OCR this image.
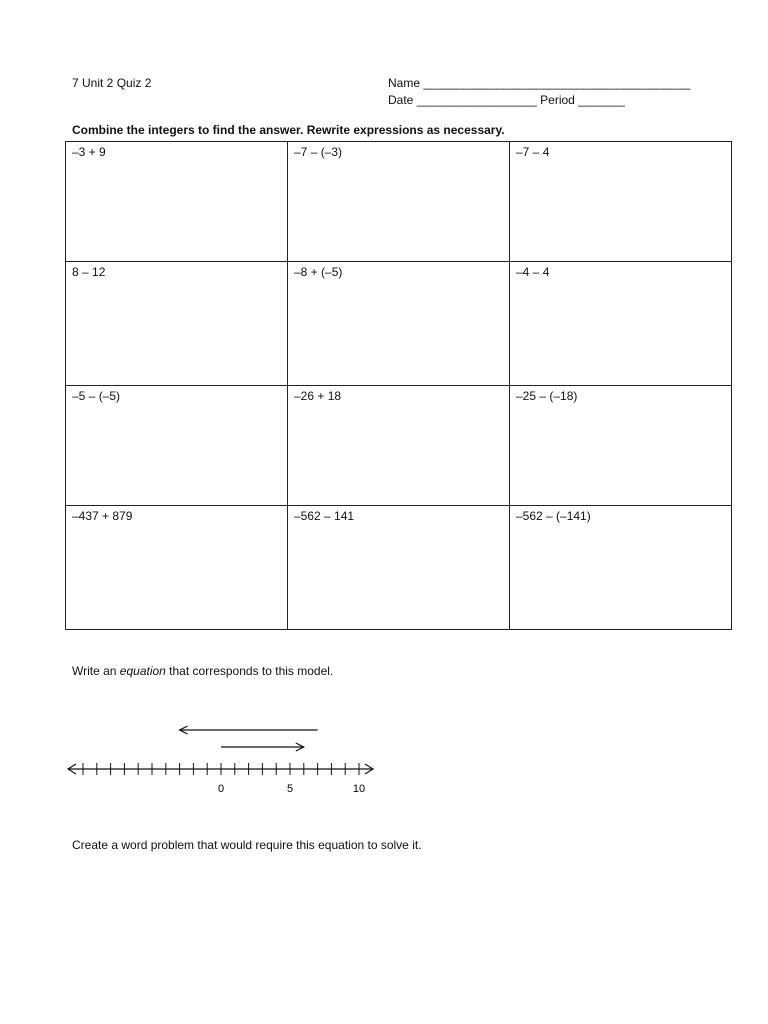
7 Unit 2 Quiz 2	Name ________________________________________
Date __________________ Period _______
Combine the integers to find the answer. Rewrite expressions as necessary.
–3 + 9	–7 – (–3)	–7 – 4
8 – 12	–8 + (–5)	–4 – 4
–5 – (–5)	–26 + 18	–25 – (–18)
–437 + 879	–562 – 141	–562 – (–141)
Write an equation that corresponds to this model.
0	5	10
Create a word problem that would require this equation to solve it.
